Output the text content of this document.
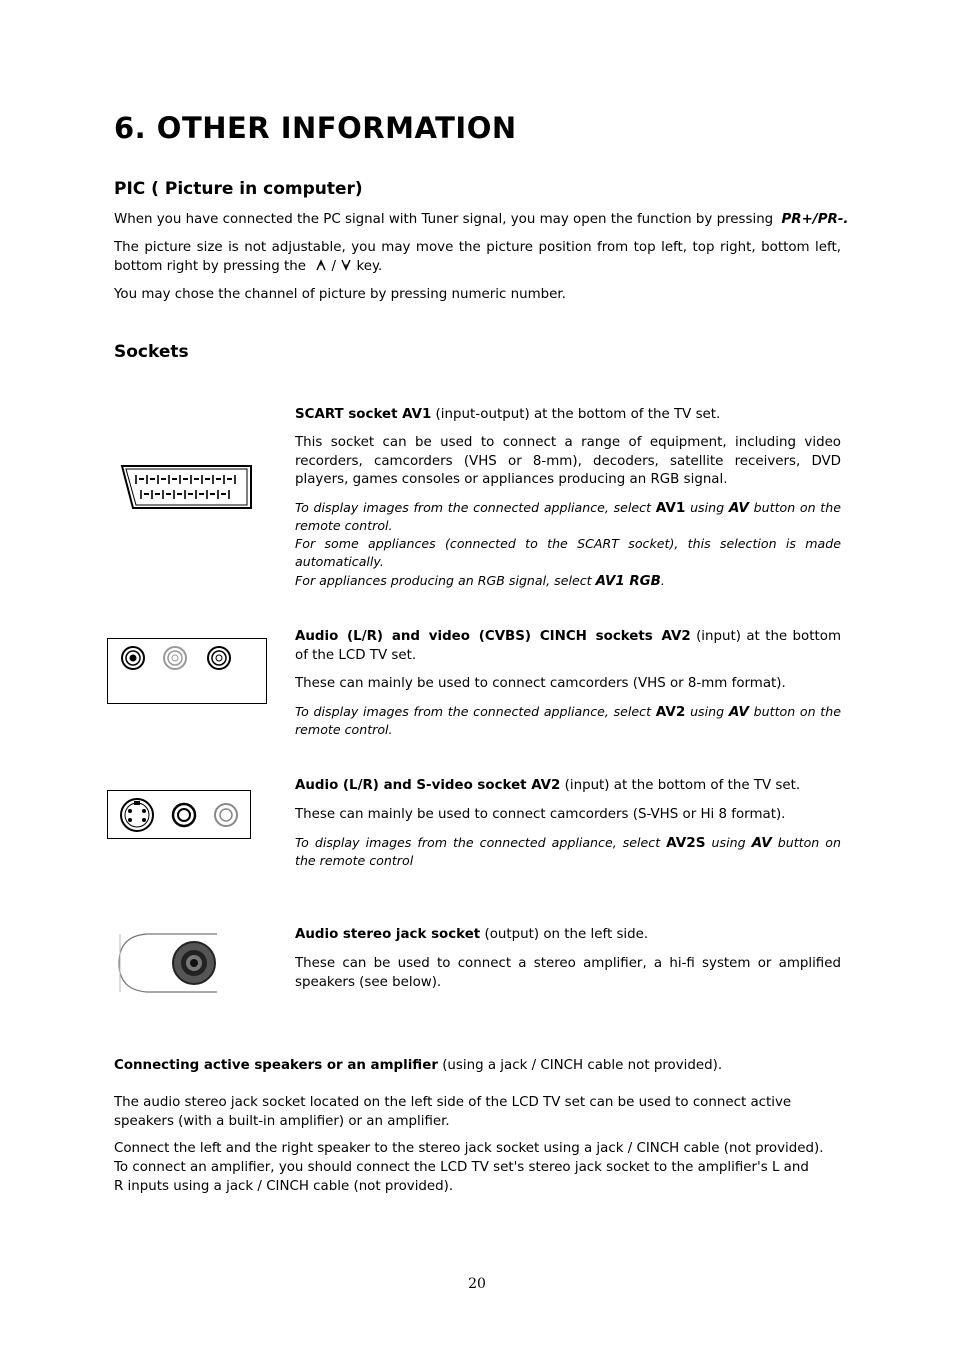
6. OTHER INFORMATION
PIC ( Picture in computer)
When you have connected the PC signal with Tuner signal, you may open the function by pressing PR+/PR-.
The picture size is not adjustable, you may move the picture position from top left, top right, bottom left, bottom right by pressing the / key.
You may chose the channel of picture by pressing numeric number.
Sockets
SCART socket AV1 (input-output) at the bottom of the TV set.
This socket can be used to connect a range of equipment, including video recorders, camcorders (VHS or 8-mm), decoders, satellite receivers, DVD players, games consoles or appliances producing an RGB signal.
To display images from the connected appliance, select AV1 using AV button on the remote control.
For some appliances (connected to the SCART socket), this selection is made automatically.
For appliances producing an RGB signal, select AV1 RGB.
Audio (L/R) and video (CVBS) CINCH sockets AV2 (input) at the bottom of the LCD TV set.
These can mainly be used to connect camcorders (VHS or 8-mm format).
To display images from the connected appliance, select AV2 using AV button on the remote control.
Audio (L/R) and S-video socket AV2 (input) at the bottom of the TV set.
These can mainly be used to connect camcorders (S-VHS or Hi 8 format).
To display images from the connected appliance, select AV2S using AV button on the remote control
Audio stereo jack socket (output) on the left side.
These can be used to connect a stereo amplifier, a hi-fi system or amplified speakers (see below).
Connecting active speakers or an amplifier (using a jack / CINCH cable not provided).
The audio stereo jack socket located on the left side of the LCD TV set can be used to connect active speakers (with a built-in amplifier) or an amplifier.
Connect the left and the right speaker to the stereo jack socket using a jack / CINCH cable (not provided).
To connect an amplifier, you should connect the LCD TV set's stereo jack socket to the amplifier's L and R inputs using a jack / CINCH cable (not provided).
20
